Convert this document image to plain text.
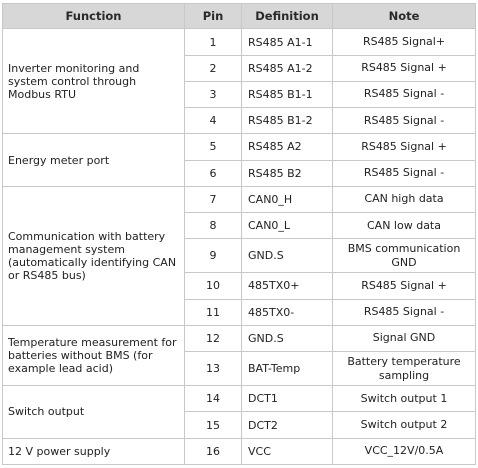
Function	Pin	Definition	Note
Inverter monitoring and system control through Modbus RTU	1	RS485 A1-1	RS485 Signal+
	2	RS485 A1-2	RS485 Signal +
	3	RS485 B1-1	RS485 Signal -
	4	RS485 B1-2	RS485 Signal -
Energy meter port	5	RS485 A2	RS485 Signal +
	6	RS485 B2	RS485 Signal -
Communication with battery management system (automatically identifying CAN or RS485 bus)	7	CAN0_H	CAN high data
	8	CAN0_L	CAN low data
	9	GND.S	BMS communication GND
	10	485TX0+	RS485 Signal +
	11	485TX0-	RS485 Signal -
Temperature measurement for batteries without BMS (for example lead acid)	12	GND.S	Signal GND
	13	BAT-Temp	Battery temperature sampling
Switch output	14	DCT1	Switch output 1
	15	DCT2	Switch output 2
12 V power supply	16	VCC	VCC_12V/0.5A
